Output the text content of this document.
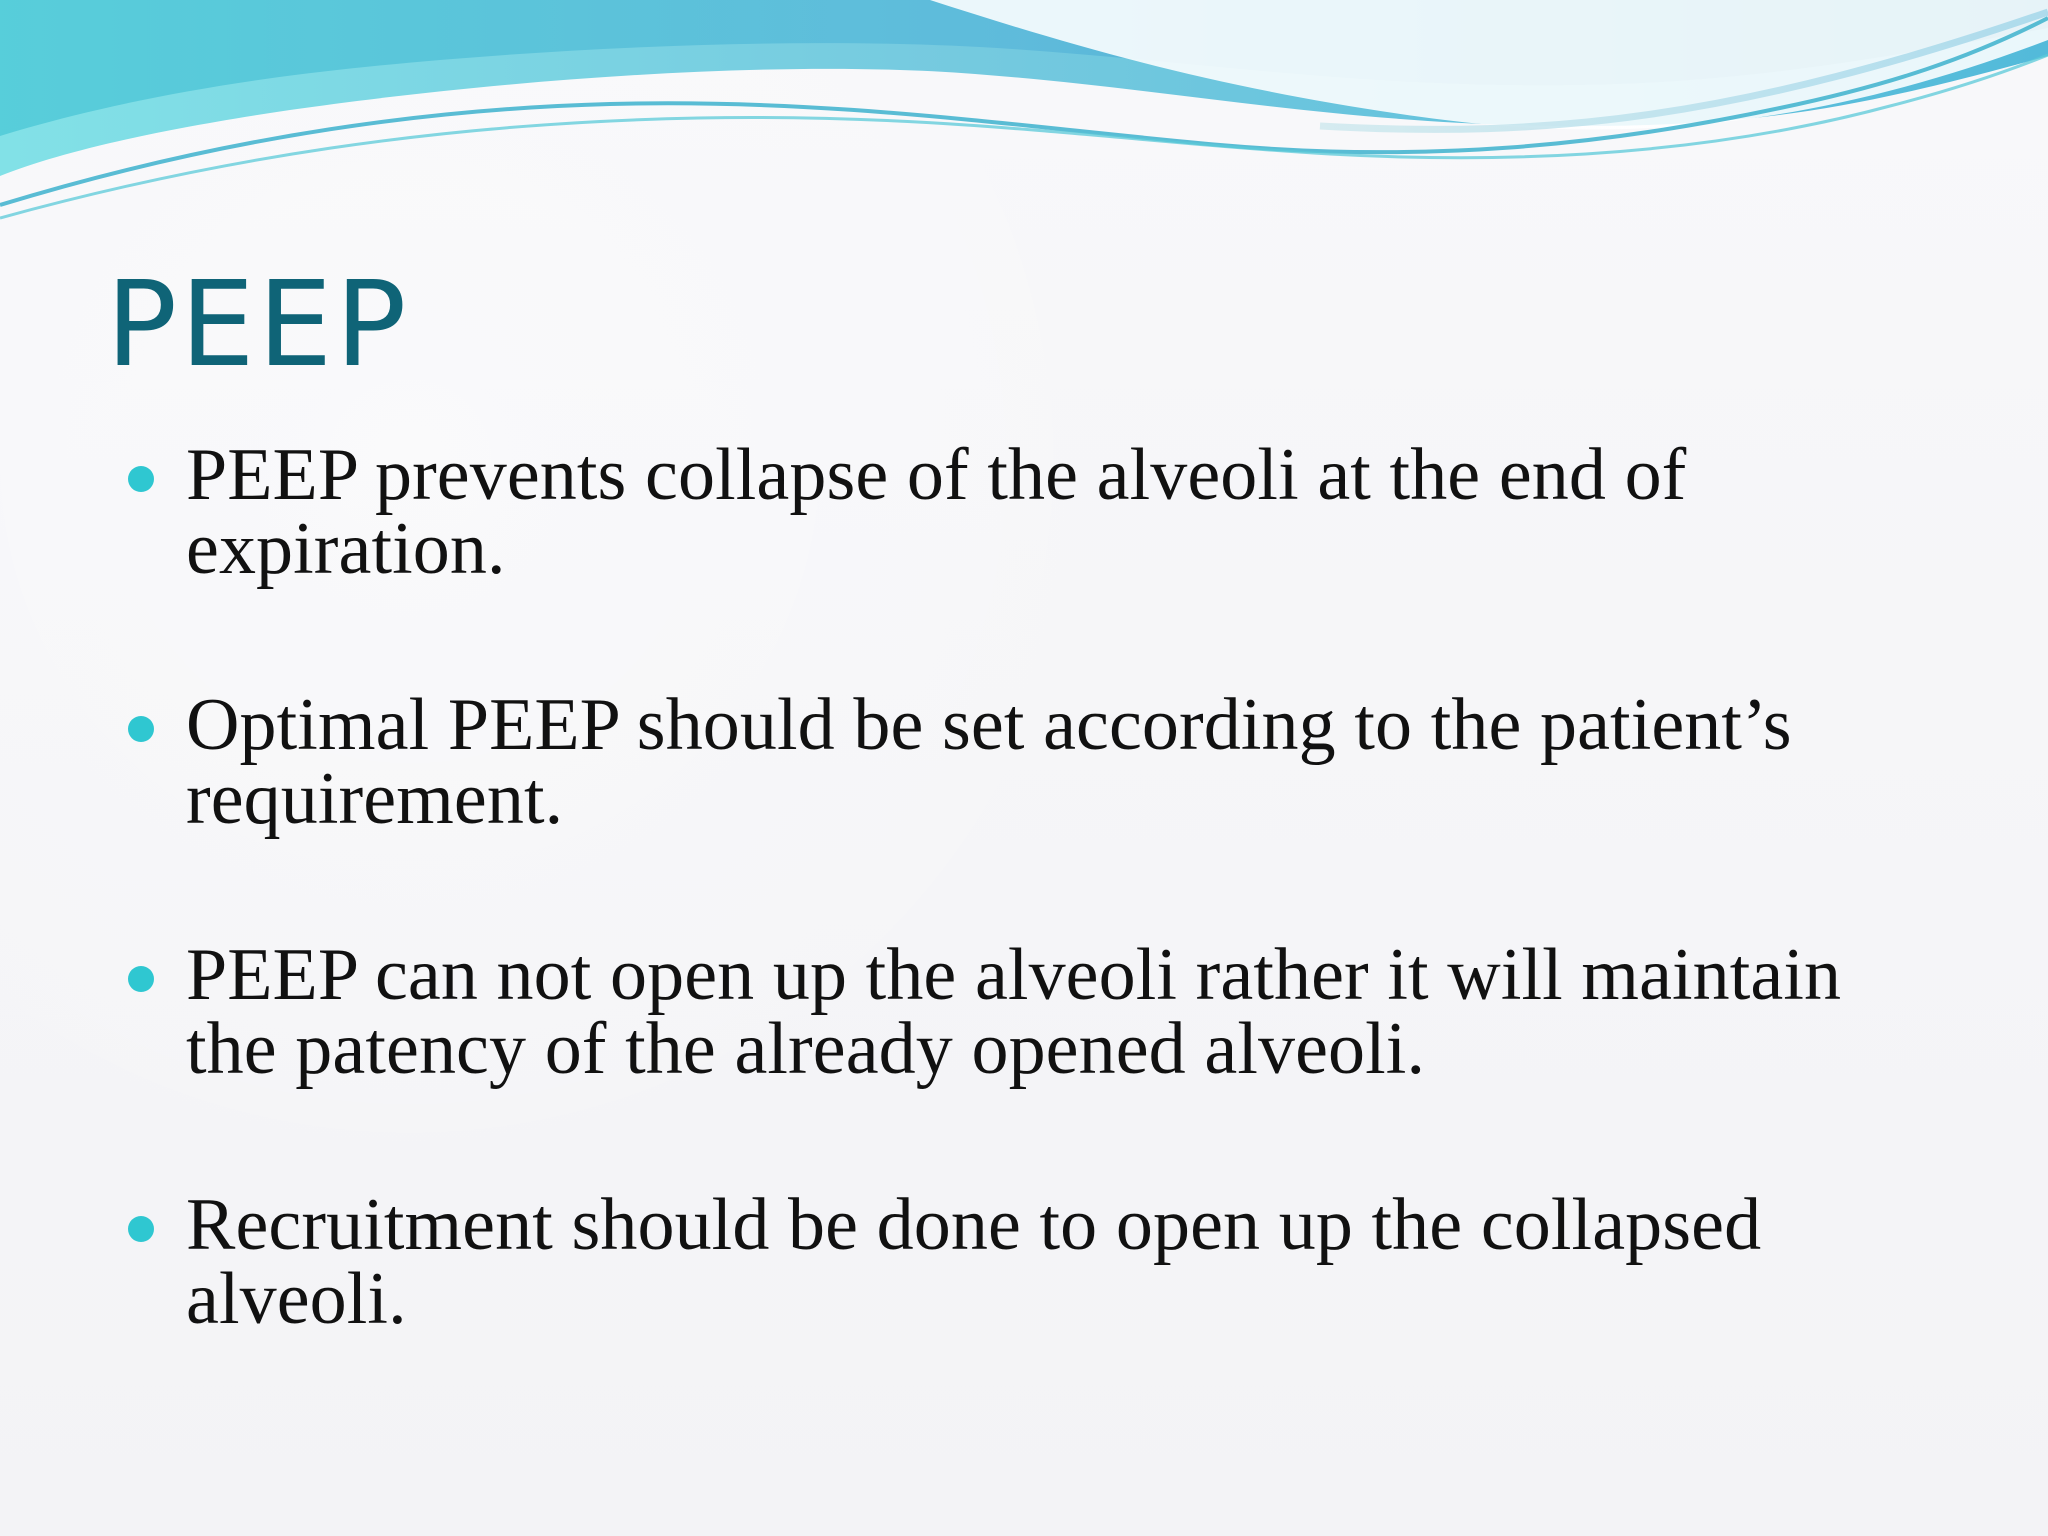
PEEP
PEEP prevents collapse of the alveoli at the end of expiration.
Optimal PEEP should be set according to the patient’s requirement.
PEEP can not open up the alveoli rather it will maintain the patency of the already opened alveoli.
Recruitment should be done to open up the collapsed alveoli.
